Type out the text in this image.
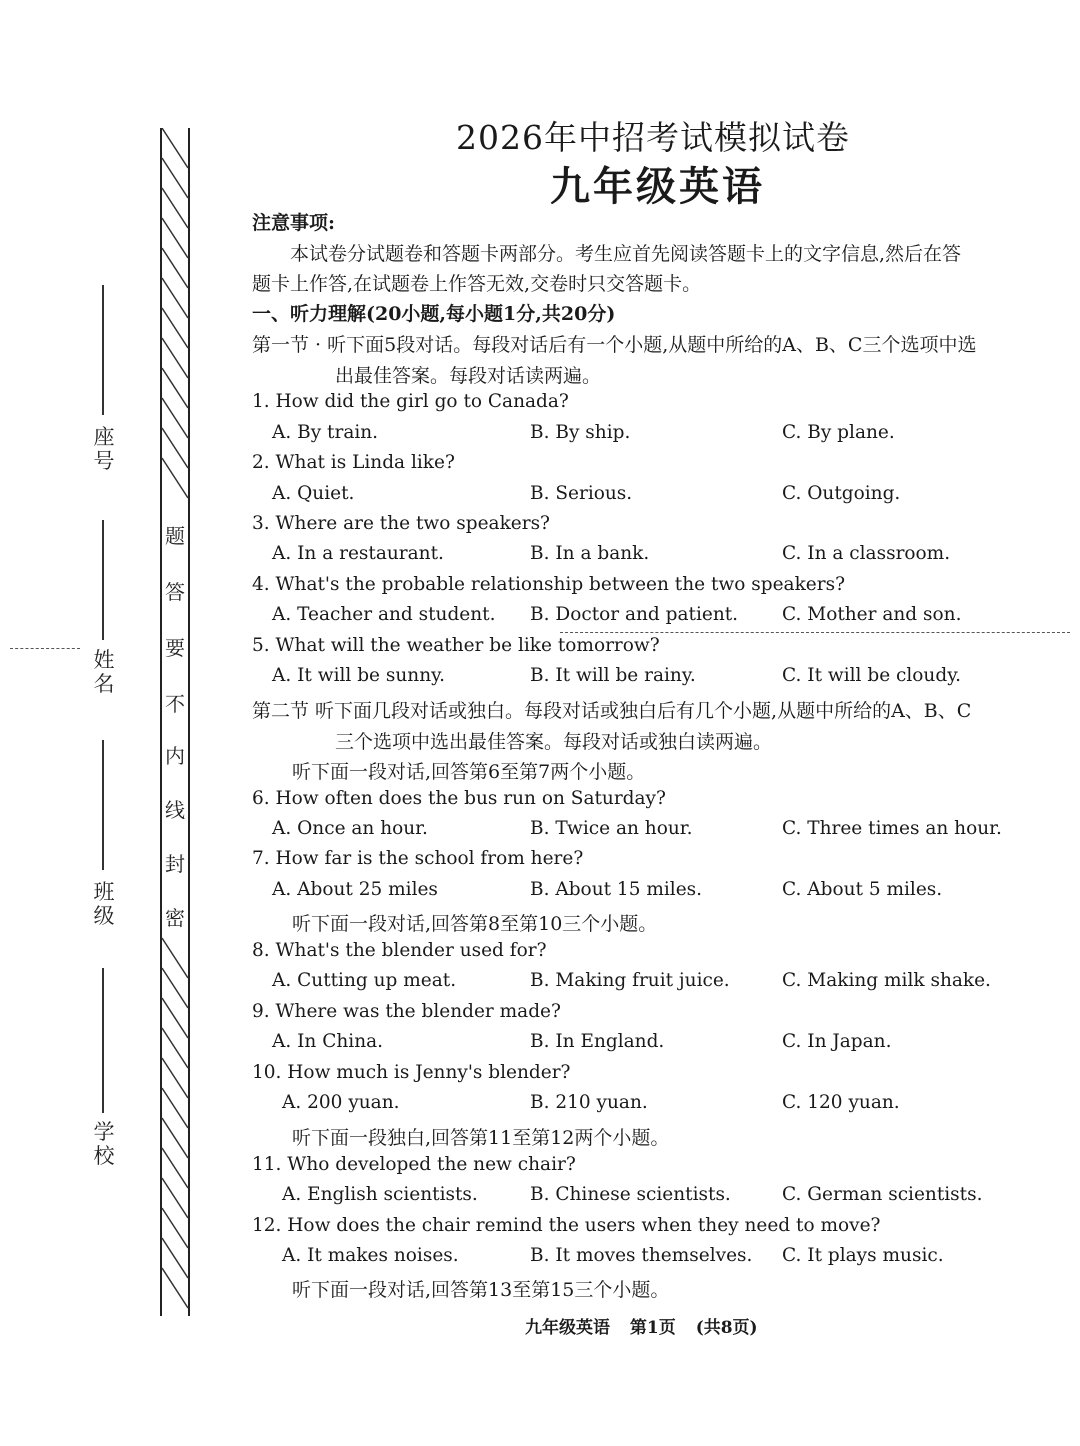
座号
姓名
班级
学校
题
答
要
不
内
线
封
密
2026年中招考试模拟试卷
九年级英语
注意事项:
本试卷分试题卷和答题卡两部分。考生应首先阅读答题卡上的文字信息,然后在答
题卡上作答,在试题卷上作答无效,交卷时只交答题卡。
一、听力理解(20小题,每小题1分,共20分)
第一节 · 听下面5段对话。每段对话后有一个小题,从题中所给的A、B、C三个选项中选
出最佳答案。每段对话读两遍。
1. How did the girl go to Canada?
A. By train.	B. By ship.	C. By plane.
2. What is Linda like?
A. Quiet.	B. Serious.	C. Outgoing.
3. Where are the two speakers?
A. In a restaurant.	B. In a bank.	C. In a classroom.
4. What's the probable relationship between the two speakers?
A. Teacher and student. B. Doctor and patient. C. Mother and son.
5. What will the weather be like tomorrow?
A. It will be sunny.	B. It will be rainy.	C. It will be cloudy.
第二节 听下面几段对话或独白。每段对话或独白后有几个小题,从题中所给的A、B、C
三个选项中选出最佳答案。每段对话或独白读两遍。
听下面一段对话,回答第6至第7两个小题。
6. How often does the bus run on Saturday?
A. Once an hour.	B. Twice an hour.	C. Three times an hour.
7. How far is the school from here?
A. About 25 miles	B. About 15 miles.	C. About 5 miles.
听下面一段对话,回答第8至第10三个小题。
8. What's the blender used for?
A. Cutting up meat.	B. Making fruit juice.	C. Making milk shake.
9. Where was the blender made?
A. In China.	B. In England.	C. In Japan.
10. How much is Jenny's blender?
A. 200 yuan.	B. 210 yuan.	C. 120 yuan.
听下面一段独白,回答第11至第12两个小题。
11. Who developed the new chair?
A. English scientists.	B. Chinese scientists.	C. German scientists.
12. How does the chair remind the users when they need to move?
A. It makes noises.	B. It moves themselves. C. It plays music.
听下面一段对话,回答第13至第15三个小题。
九年级英语 第1页 (共8页)
